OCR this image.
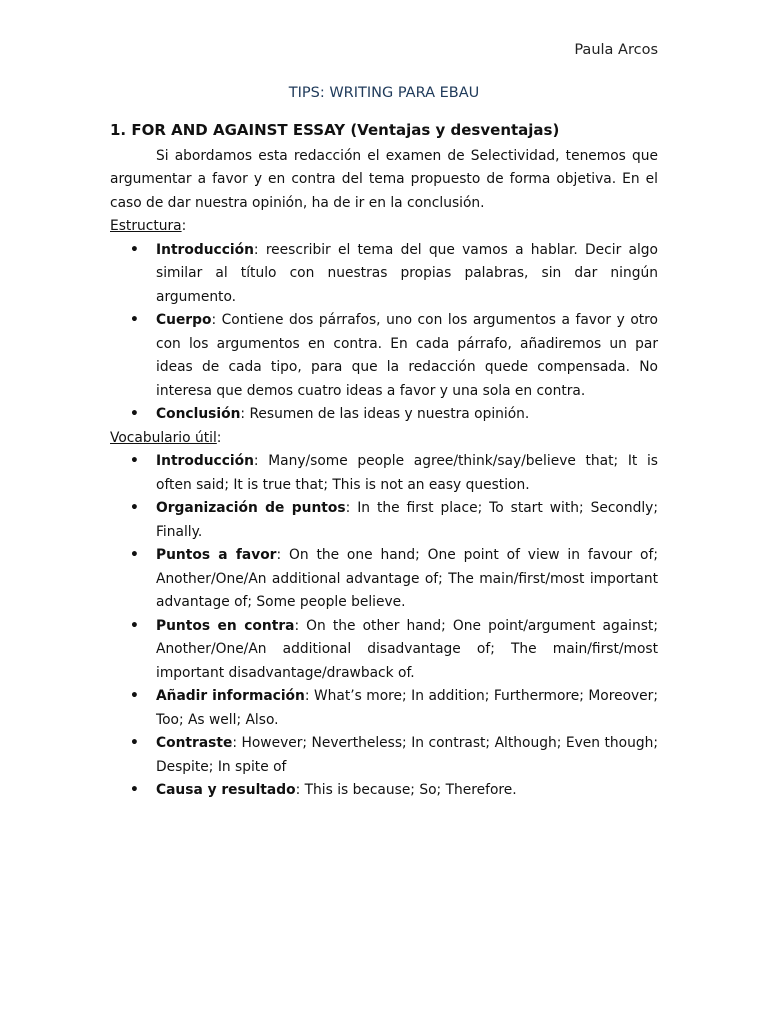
Paula Arcos
TIPS: WRITING PARA EBAU
1. FOR AND AGAINST ESSAY (Ventajas y desventajas)

Si abordamos esta redacción el examen de Selectividad, tenemos que argumentar a favor y en contra del tema propuesto de forma objetiva. En el caso de dar nuestra opinión, ha de ir en la conclusión.

Estructura:
• Introducción: reescribir el tema del que vamos a hablar. Decir algo similar al título con nuestras propias palabras, sin dar ningún argumento.
• Cuerpo: Contiene dos párrafos, uno con los argumentos a favor y otro con los argumentos en contra. En cada párrafo, añadiremos un par ideas de cada tipo, para que la redacción quede compensada. No interesa que demos cuatro ideas a favor y una sola en contra.
• Conclusión: Resumen de las ideas y nuestra opinión.
Vocabulario útil:
• Introducción: Many/some people agree/think/say/believe that; It is often said; It is true that; This is not an easy question.
• Organización de puntos: In the first place; To start with; Secondly; Finally.
• Puntos a favor: On the one hand; One point of view in favour of; Another/One/An additional advantage of; The main/first/most important advantage of; Some people believe.
• Puntos en contra: On the other hand; One point/argument against; Another/One/An additional disadvantage of; The main/first/most important disadvantage/drawback of.
• Añadir información: What’s more; In addition; Furthermore; Moreover; Too; As well; Also.
• Contraste: However; Nevertheless; In contrast; Although; Even though; Despite; In spite of
• Causa y resultado: This is because; So; Therefore.
